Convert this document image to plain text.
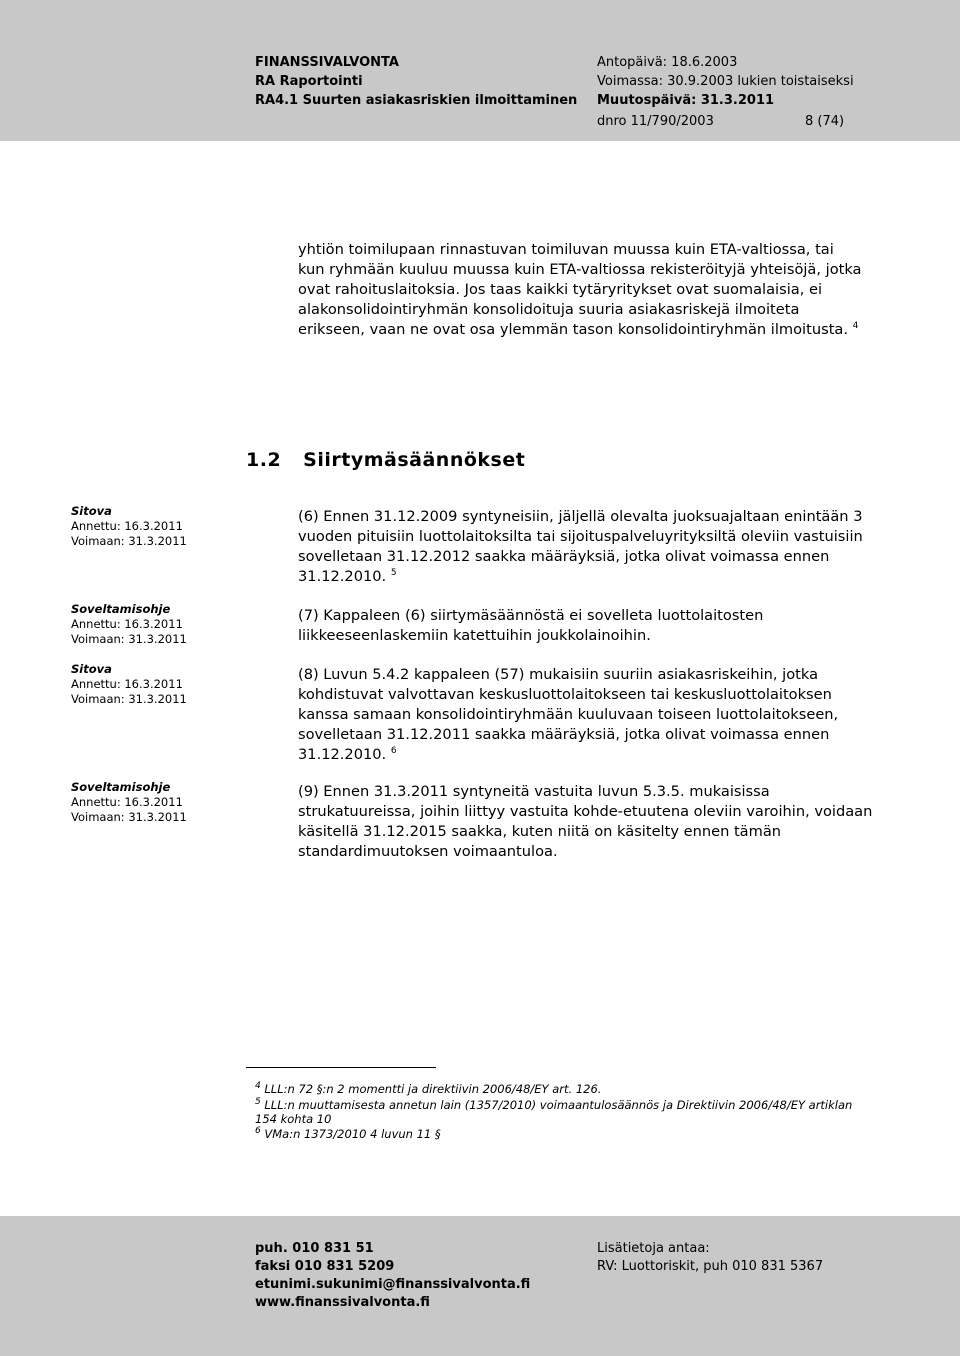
FINANSSIVALVONTA
RA Raportointi
RA4.1 Suurten asiakasriskien ilmoittaminen
Antopäivä: 18.6.2003
Voimassa: 30.9.2003 lukien toistaiseksi
Muutospäivä: 31.3.2011
dnro 11/790/2003	8 (74)

yhtiön toimilupaan rinnastuvan toimiluvan muussa kuin ETA-valtiossa, tai kun ryhmään kuuluu muussa kuin ETA-valtiossa rekisteröityjä yhteisöjä, jotka ovat rahoituslaitoksia. Jos taas kaikki tytäryritykset ovat suomalaisia, ei alakonsolidointiryhmän konsolidoituja suuria asiakasriskejä ilmoiteta erikseen, vaan ne ovat osa ylemmän tason konsolidointiryhmän ilmoitusta. $^4$

1.2 Siirtymäsäännökset
Sitova
Annettu: 16.3.2011
Voimaan: 31.3.2011
Soveltamisohje
Annettu: 16.3.2011
Voimaan: 31.3.2011
Sitova
Annettu: 16.3.2011
Voimaan: 31.3.2011
Soveltamisohje
Annettu: 16.3.2011
Voimaan: 31.3.2011

(6) Ennen 31.12.2009 syntyneisiin, jäljellä olevalta juoksuajaltaan enintään 3 vuoden pituisiin luottolaitoksilta tai sijoituspalveluyrityksiltä oleviin vastuisiin sovelletaan 31.12.2012 saakka määräyksiä, jotka olivat voimassa ennen 31.12.2010. $^5$

(7) Kappaleen (6) siirtymäsäännöstä ei sovelleta luottolaitosten liikkeeseenlaskemiin katettuihin joukkolainoihin.

(8) Luvun 5.4.2 kappaleen (57) mukaisiin suuriin asiakasriskeihin, jotka kohdistuvat valvottavan keskusluottolaitokseen tai keskusluottolaitoksen kanssa samaan konsolidointiryhmään kuuluvaan toiseen luottolaitokseen, sovelletaan 31.12.2011 saakka määräyksiä, jotka olivat voimassa ennen 31.12.2010. $^6$

(9) Ennen 31.3.2011 syntyneitä vastuita luvun 5.3.5. mukaisissa strukatuureissa, joihin liittyy vastuita kohde-etuutena oleviin varoihin, voidaan käsitellä 31.12.2015 saakka, kuten niitä on käsitelty ennen tämän standardimuutoksen voimaantuloa.

$^4$ LLL:n 72 §:n 2 momentti ja direktiivin 2006/48/EY art. 126.
$^5$ LLL:n muuttamisesta annetun lain (1357/2010) voimaantulosäännös ja Direktiivin 2006/48/EY artiklan 154 kohta 10
$^6$ VMa:n 1373/2010 4 luvun 11 §
puh. 010 831 51
faksi 010 831 5209
etunimi.sukunimi@finanssivalvonta.fi
www.finanssivalvonta.fi
Lisätietoja antaa:
RV: Luottoriskit, puh 010 831 5367
